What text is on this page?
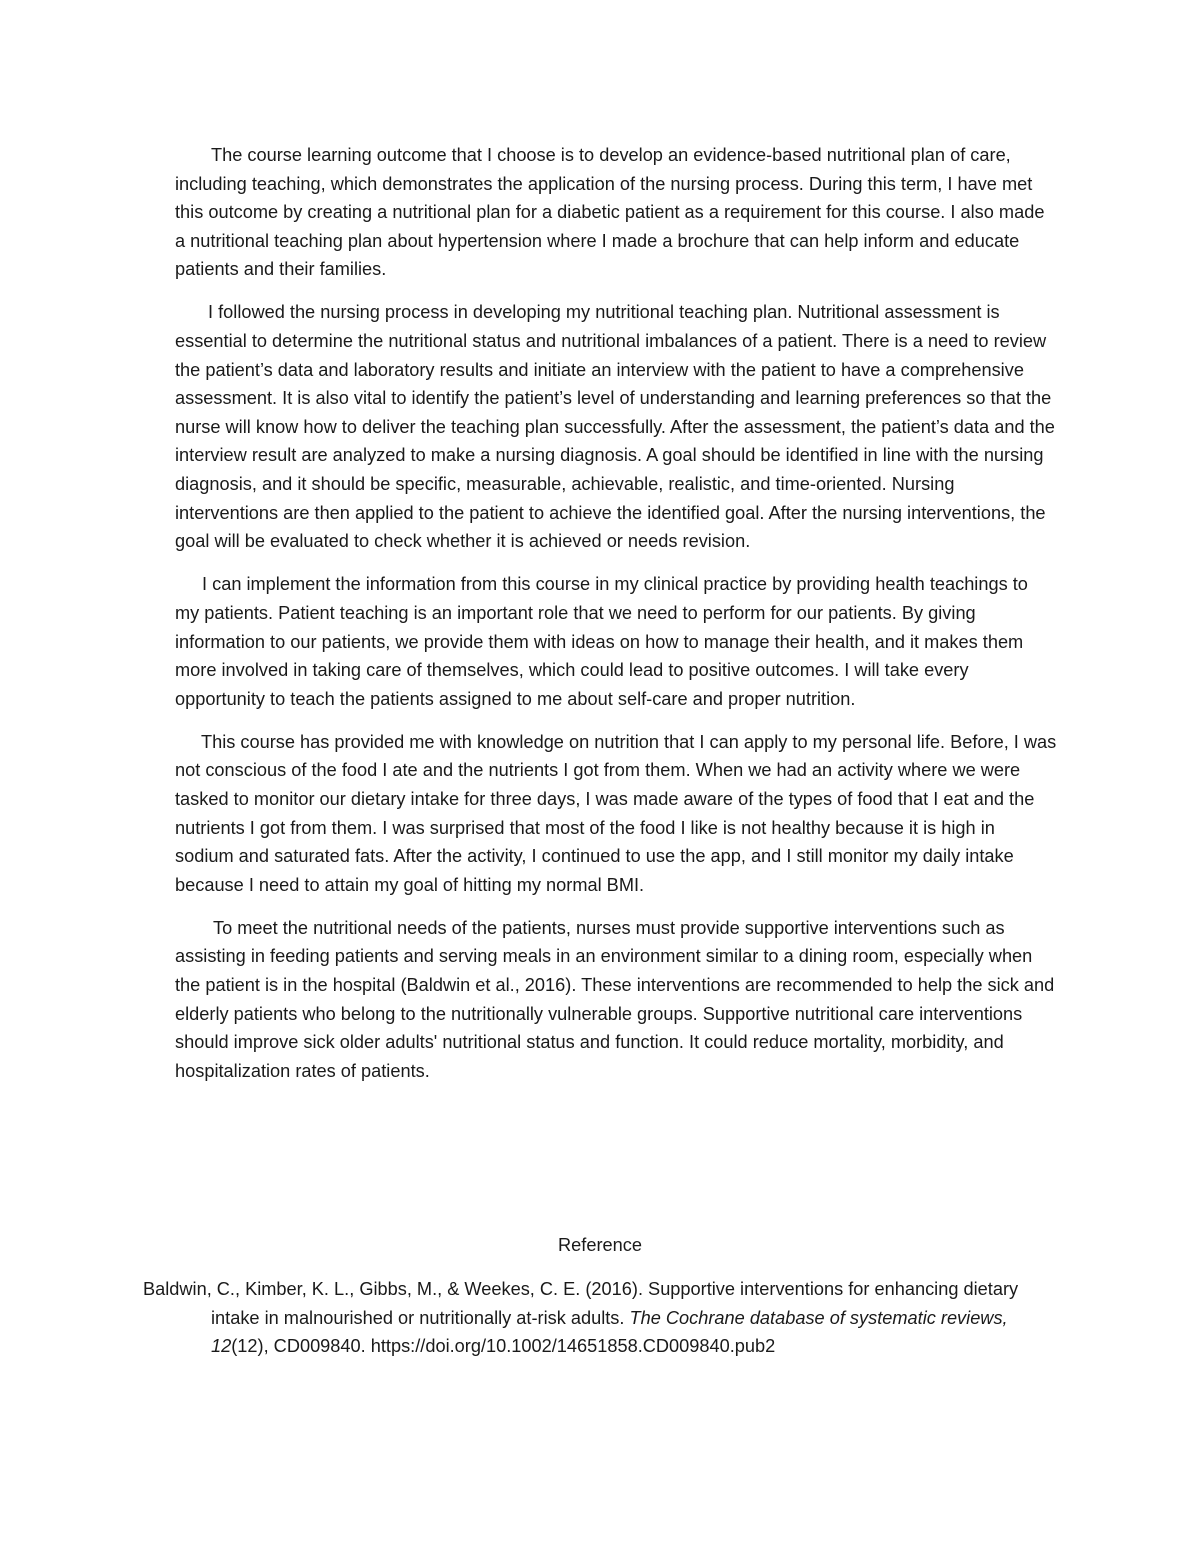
The course learning outcome that I choose is to develop an evidence-based nutritional plan of care, including teaching, which demonstrates the application of the nursing process. During this term, I have met this outcome by creating a nutritional plan for a diabetic patient as a requirement for this course. I also made a nutritional teaching plan about hypertension where I made a brochure that can help inform and educate patients and their families.

I followed the nursing process in developing my nutritional teaching plan. Nutritional assessment is essential to determine the nutritional status and nutritional imbalances of a patient. There is a need to review the patient’s data and laboratory results and initiate an interview with the patient to have a comprehensive assessment. It is also vital to identify the patient’s level of understanding and learning preferences so that the nurse will know how to deliver the teaching plan successfully. After the assessment, the patient’s data and the interview result are analyzed to make a nursing diagnosis. A goal should be identified in line with the nursing diagnosis, and it should be specific, measurable, achievable, realistic, and time-oriented. Nursing interventions are then applied to the patient to achieve the identified goal. After the nursing interventions, the goal will be evaluated to check whether it is achieved or needs revision.

I can implement the information from this course in my clinical practice by providing health teachings to my patients. Patient teaching is an important role that we need to perform for our patients. By giving information to our patients, we provide them with ideas on how to manage their health, and it makes them more involved in taking care of themselves, which could lead to positive outcomes. I will take every opportunity to teach the patients assigned to me about self-care and proper nutrition.

This course has provided me with knowledge on nutrition that I can apply to my personal life. Before, I was not conscious of the food I ate and the nutrients I got from them. When we had an activity where we were tasked to monitor our dietary intake for three days, I was made aware of the types of food that I eat and the nutrients I got from them. I was surprised that most of the food I like is not healthy because it is high in sodium and saturated fats. After the activity, I continued to use the app, and I still monitor my daily intake because I need to attain my goal of hitting my normal BMI.

To meet the nutritional needs of the patients, nurses must provide supportive interventions such as assisting in feeding patients and serving meals in an environment similar to a dining room, especially when the patient is in the hospital (Baldwin et al., 2016). These interventions are recommended to help the sick and elderly patients who belong to the nutritionally vulnerable groups. Supportive nutritional care interventions should improve sick older adults' nutritional status and function. It could reduce mortality, morbidity, and hospitalization rates of patients.

Reference
Baldwin, C., Kimber, K. L., Gibbs, M., & Weekes, C. E. (2016). Supportive interventions for enhancing dietary intake in malnourished or nutritionally at-risk adults. The Cochrane database of systematic reviews, 12(12), CD009840. https://doi.org/10.1002/14651858.CD009840.pub2
